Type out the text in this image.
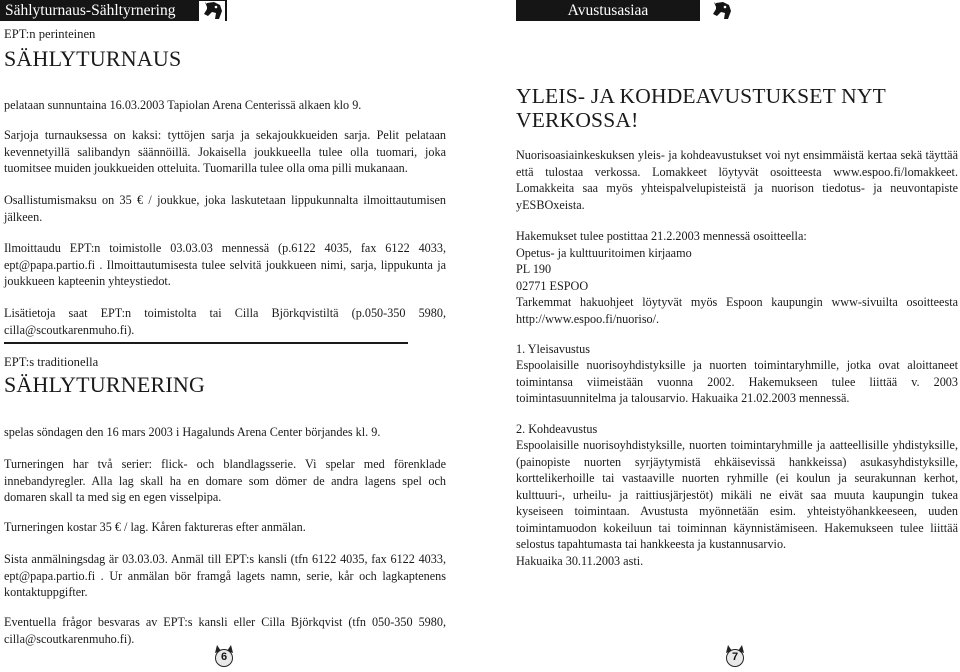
Sählyturnaus-Sähltyrnering	Avustusasiaa

EPT:n perinteinen

SÄHLYTURNAUS

pelataan sunnuntaina 16.03.2003 Tapiolan Arena Centerissä alkaen klo 9.

Sarjoja turnauksessa on kaksi: tyttöjen sarja ja sekajoukkueiden sarja. Pelit pelataan kevennetyillä salibandyn säännöillä. Jokaisella joukkueella tulee olla tuomari, joka tuomitsee muiden joukkueiden otteluita. Tuomarilla tulee olla oma pilli mukanaan.

Osallistumismaksu on 35 € / joukkue, joka laskutetaan lippukunnalta ilmoittautumisen jälkeen.

Ilmoittaudu EPT:n toimistolle 03.03.03 mennessä (p.6122 4035, fax 6122 4033, ept@papa.partio.fi . Ilmoittautumisesta tulee selvitä joukkueen nimi, sarja, lippukunta ja joukkueen kapteenin yhteystiedot.

Lisätietoja saat EPT:n toimistolta tai Cilla Björkqvistiltä (p.050-350 5980, cilla@scoutkarenmuho.fi).

EPT:s traditionella

SÄHLYTURNERING

spelas söndagen den 16 mars 2003 i Hagalunds Arena Center börjandes kl. 9.

Turneringen har två serier: flick- och blandlagsserie. Vi spelar med förenklade innebandyregler. Alla lag skall ha en domare som dömer de andra lagens spel och domaren skall ta med sig en egen visselpipa.

Turneringen kostar 35 € / lag. Kåren faktureras efter anmälan.

Sista anmälningsdag är 03.03.03. Anmäl till EPT:s kansli (tfn 6122 4035, fax 6122 4033, ept@papa.partio.fi . Ur anmälan bör framgå lagets namn, serie, kår och lagkaptenens kontaktuppgifter.

Eventuella frågor besvaras av EPT:s kansli eller Cilla Björkqvist (tfn 050-350 5980, cilla@scoutkarenmuho.fi).

YLEIS- JA KOHDEAVUSTUKSET NYT VERKOSSA!

Nuorisoasiainkeskuksen yleis- ja kohdeavustukset voi nyt ensimmäistä kertaa sekä täyttää että tulostaa verkossa. Lomakkeet löytyvät osoitteesta www.espoo.fi/lomakkeet. Lomakkeita saa myös yhteispalvelupisteistä ja nuorison tiedotus- ja neuvontapiste yESBOxeista.

Hakemukset tulee postittaa 21.2.2003 mennessä osoitteella:
Opetus- ja kulttuuritoimen kirjaamo
PL 190
02771 ESPOO
Tarkemmat hakuohjeet löytyvät myös Espoon kaupungin www-sivuilta osoitteesta http://www.espoo.fi/nuoriso/.

1. Yleisavustus

Espoolaisille nuorisoyhdistyksille ja nuorten toimintaryhmille, jotka ovat aloittaneet toimintansa viimeistään vuonna 2002. Hakemukseen tulee liittää v. 2003 toimintasuunnitelma ja talousarvio. Hakuaika 21.02.2003 mennessä.

2. Kohdeavustus

Espoolaisille nuorisoyhdistyksille, nuorten toimintaryhmille ja aatteellisille yhdistyksille, (painopiste nuorten syrjäytymistä ehkäisevissä hankkeissa) asukasyhdistyksille, korttelikerhoille tai vastaaville nuorten ryhmille (ei koulun ja seurakunnan kerhot, kulttuuri-, urheilu- ja raittiusjärjestöt) mikäli ne eivät saa muuta kaupungin tukea kyseiseen toimintaan. Avustusta myönnetään esim. yhteistyöhankkeeseen, uuden toimintamuodon kokeiluun tai toiminnan käynnistämiseen. Hakemukseen tulee liittää selostus tapahtumasta tai hankkeesta ja kustannusarvio.
Hakuaika 30.11.2003 asti.

6	7
